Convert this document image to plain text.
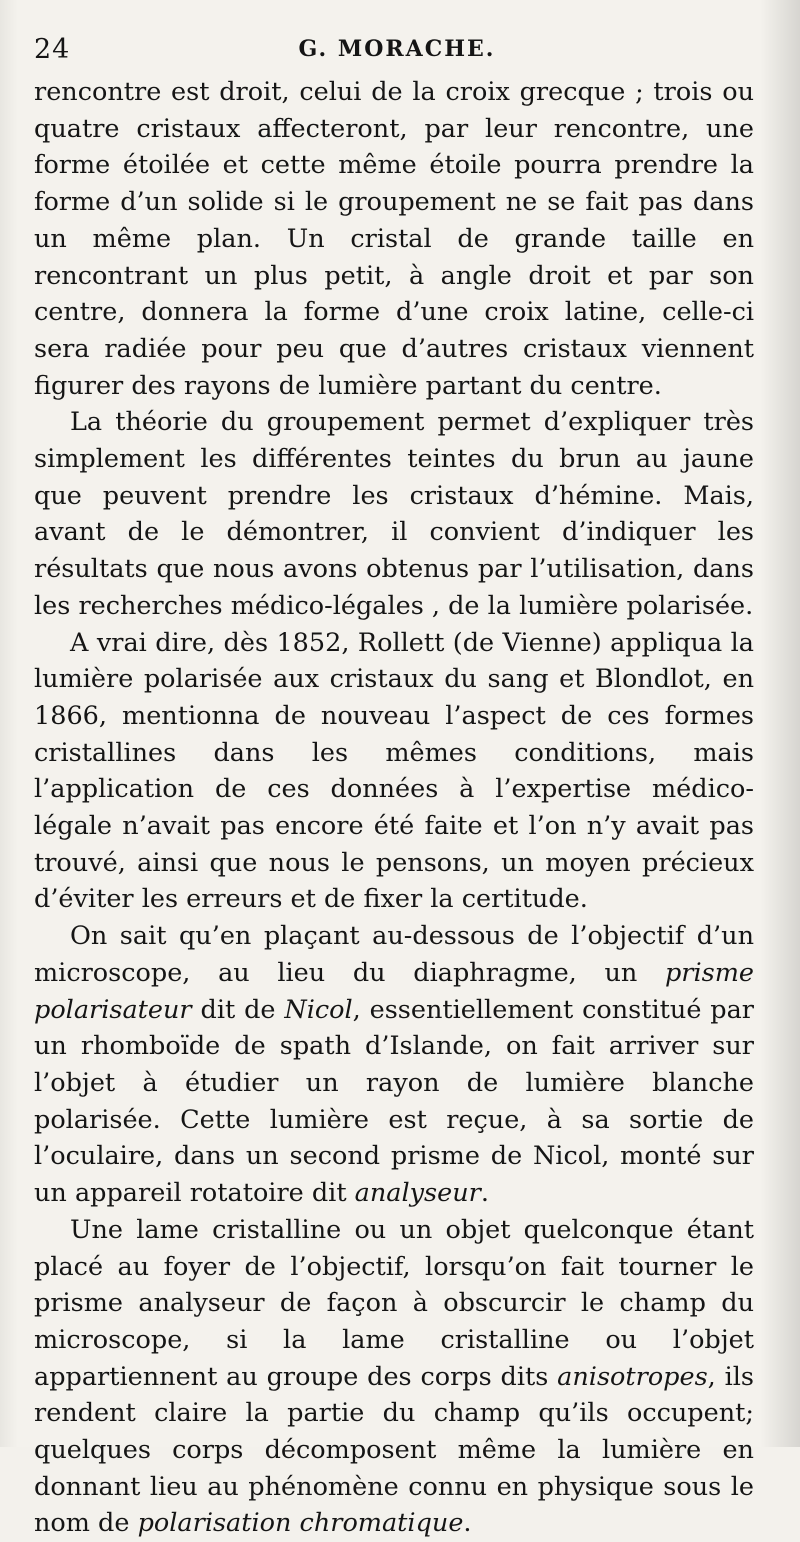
24	G. MORACHE.

rencontre est droit, celui de la croix grecque ; trois ou quatre cristaux affecteront, par leur rencontre, une forme étoilée et cette même étoile pourra prendre la forme d’un solide si le groupement ne se fait pas dans un même plan. Un cristal de grande taille en rencontrant un plus petit, à angle droit et par son centre, donnera la forme d’une croix latine, celle-ci sera radiée pour peu que d’autres cristaux viennent figurer des rayons de lumière partant du centre.

La théorie du groupement permet d’expliquer très simplement les différentes teintes du brun au jaune que peuvent prendre les cristaux d’hémine. Mais, avant de le démontrer, il convient d’indiquer les résultats que nous avons obtenus par l’utilisation, dans les recherches médico-légales , de la lumière polarisée.

A vrai dire, dès 1852, Rollett (de Vienne) appliqua la lumière polarisée aux cristaux du sang et Blondlot, en 1866, mentionna de nouveau l’aspect de ces formes cristallines dans les mêmes conditions, mais l’application de ces données à l’expertise médico-légale n’avait pas encore été faite et l’on n’y avait pas trouvé, ainsi que nous le pensons, un moyen précieux d’éviter les erreurs et de fixer la certitude.

On sait qu’en plaçant au-dessous de l’objectif d’un microscope, au lieu du diaphragme, un prisme polarisateur dit de Nicol, essentiellement constitué par un rhomboïde de spath d’Islande, on fait arriver sur l’objet à étudier un rayon de lumière blanche polarisée. Cette lumière est reçue, à sa sortie de l’oculaire, dans un second prisme de Nicol, monté sur un appareil rotatoire dit analyseur.

Une lame cristalline ou un objet quelconque étant placé au foyer de l’objectif, lorsqu’on fait tourner le prisme analyseur de façon à obscurcir le champ du microscope, si la lame cristalline ou l’objet appartiennent au groupe des corps dits anisotropes, ils rendent claire la partie du champ qu’ils occupent; quelques corps décomposent même la lumière en donnant lieu au phénomène connu en physique sous le nom de polarisation chromatique.
